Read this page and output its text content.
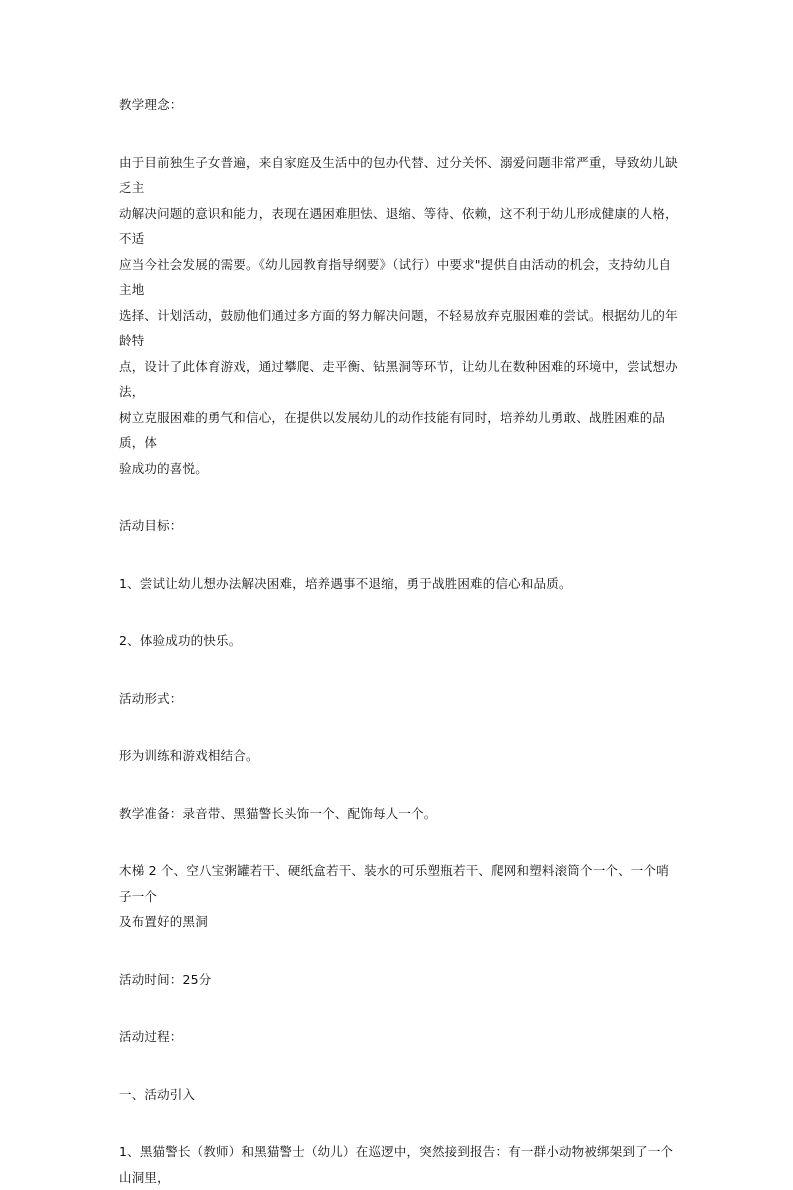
教学理念：

由于目前独生子女普遍，来自家庭及生活中的包办代替、过分关怀、溺爱问题非常严重，导致幼儿缺乏主

动解决问题的意识和能力，表现在遇困难胆怯、退缩、等待、依赖，这不利于幼儿形成健康的人格，不适

应当今社会发展的需要。《幼儿园教育指导纲要》（试行）中要求"提供自由活动的机会，支持幼儿自主地

选择、计划活动，鼓励他们通过多方面的努力解决问题，不轻易放弃克服困难的尝试。根据幼儿的年龄特

点，设计了此体育游戏，通过攀爬、走平衡、钻黑洞等环节，让幼儿在数种困难的环境中，尝试想办法，

树立克服困难的勇气和信心，在提供以发展幼儿的动作技能有同时，培养幼儿勇敢、战胜困难的品质，体

验成功的喜悦。

活动目标：

1、尝试让幼儿想办法解决困难，培养遇事不退缩，勇于战胜困难的信心和品质。

2、体验成功的快乐。

活动形式：

形为训练和游戏相结合。

教学准备：录音带、黑猫警长头饰一个、配饰每人一个。

木梯 2 个、空八宝粥罐若干、硬纸盒若干、装水的可乐塑瓶若干、爬网和塑料滚筒个一个、一个哨子一个

及布置好的黑洞

活动时间：25分

活动过程：

一、活动引入

1、黑猫警长（教师）和黑猫警士（幼儿）在巡逻中，突然接到报告：有一群小动物被绑架到了一个山洞里，
